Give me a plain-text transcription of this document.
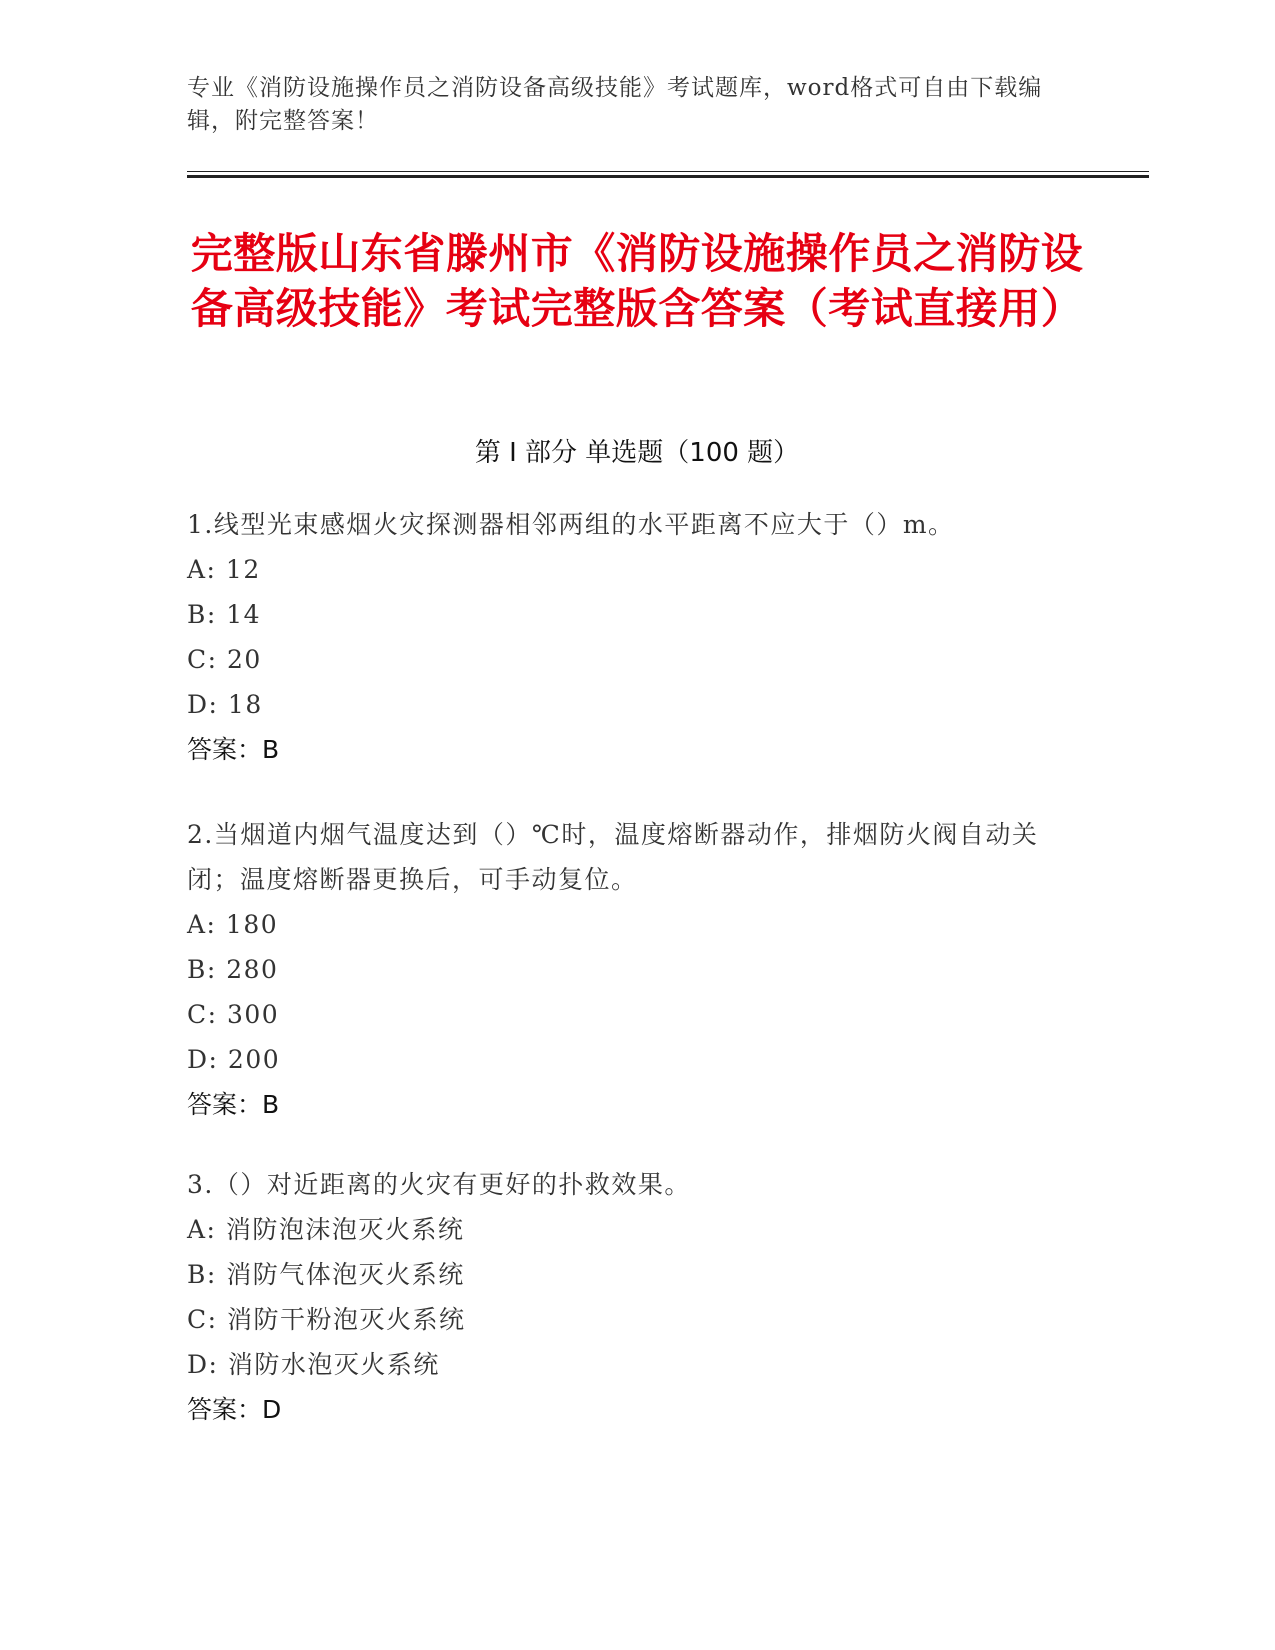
专业《消防设施操作员之消防设备高级技能》考试题库，word格式可自由下载编辑，附完整答案！
完整版山东省滕州市《消防设施操作员之消防设备高级技能》考试完整版含答案（考试直接用）
第 I 部分 单选题（100 题）
1.线型光束感烟火灾探测器相邻两组的水平距离不应大于（）m。
A: 12
B: 14
C: 20
D: 18
答案：B
2.当烟道内烟气温度达到（）℃时，温度熔断器动作，排烟防火阀自动关闭；温度熔断器更换后，可手动复位。
A: 180
B: 280
C: 300
D: 200
答案：B
3.（）对近距离的火灾有更好的扑救效果。
A: 消防泡沫泡灭火系统
B: 消防气体泡灭火系统
C: 消防干粉泡灭火系统
D: 消防水泡灭火系统
答案：D
